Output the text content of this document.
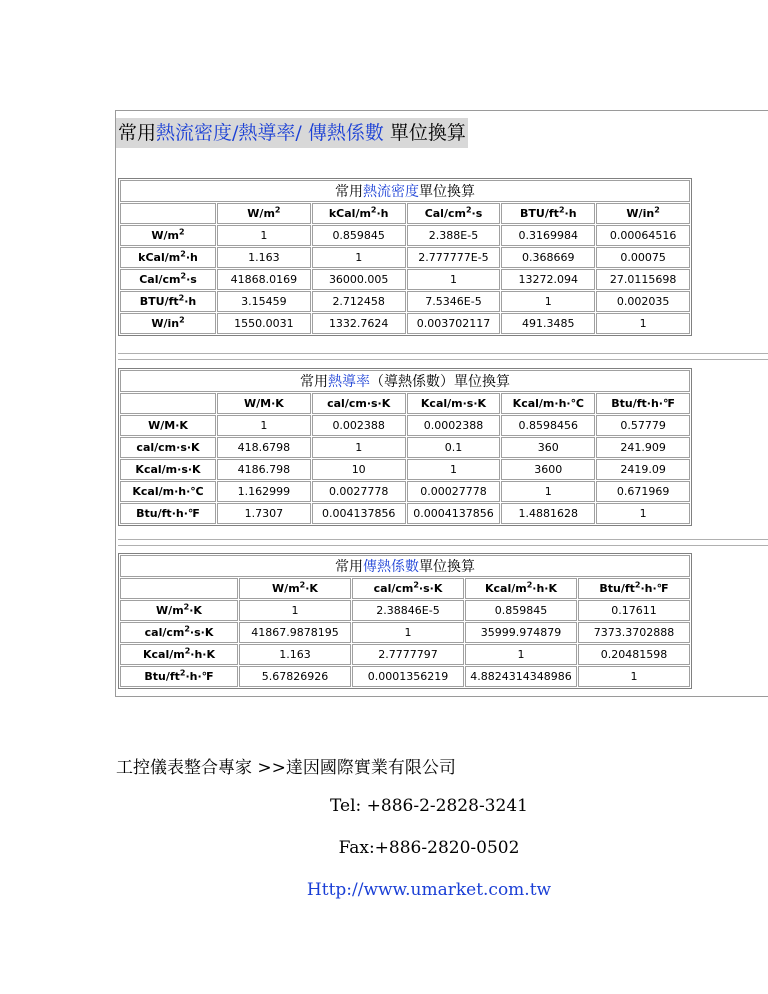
常用熱流密度/熱導率/ 傳熱係數 單位換算
常用熱流密度單位換算					
	$W/m^2$	kCal/$m^2\cdot h$	Cal/$cm^2\cdot s$	BTU/$ft^2\cdot h$	$W/in^2$
$W/m^2$	1	0.859845	2.388E-5	0.3169984	0.00064516
kCal/$m^2\cdot h$	1.163	1	2.777777E-5	0.368669	0.00075
Cal/$cm^2\cdot s$	41868.0169	36000.005	1	13272.094	27.0115698
BTU/$ft^2\cdot h$	3.15459	2.712458	7.5346E-5	1	0.002035
$W/in^2$	1550.0031	1332.7624	0.003702117	491.3485	1
常用熱導率（導熱係數）單位換算					
	W/M·K	cal/cm·s·K	Kcal/m·s·K	Kcal/m·h·℃	Btu/ft·h·℉
W/M·K	1	0.002388	0.0002388	0.8598456	0.57779
cal/cm·s·K	418.6798	1	0.1	360	241.909
Kcal/m·s·K	4186.798	10	1	3600	2419.09
Kcal/m·h·℃	1.162999	0.0027778	0.00027778	1	0.671969
Btu/ft·h·℉	1.7307	0.004137856	0.0004137856	1.4881628	1
常用傳熱係數單位換算				
	$W/m^2\cdot K$	cal/$cm^2\cdot s\cdot K$	Kcal/$m^2\cdot h\cdot K$	Btu/$ft^2\cdot h\cdot℉$
$W/m^2\cdot K$	1	2.38846E-5	0.859845	0.17611
cal/$cm^2\cdot s\cdot K$	41867.9878195	1	35999.974879	7373.3702888
Kcal/$m^2\cdot h\cdot K$	1.163	2.7777797	1	0.20481598
Btu/$ft^2\cdot h\cdot℉$	5.67826926	0.0001356219	4.8824314348986	1
工控儀表整合專家 >>達因國際實業有限公司
Tel: +886-2-2828-3241
Fax:+886-2820-0502
Http://www.umarket.com.tw
